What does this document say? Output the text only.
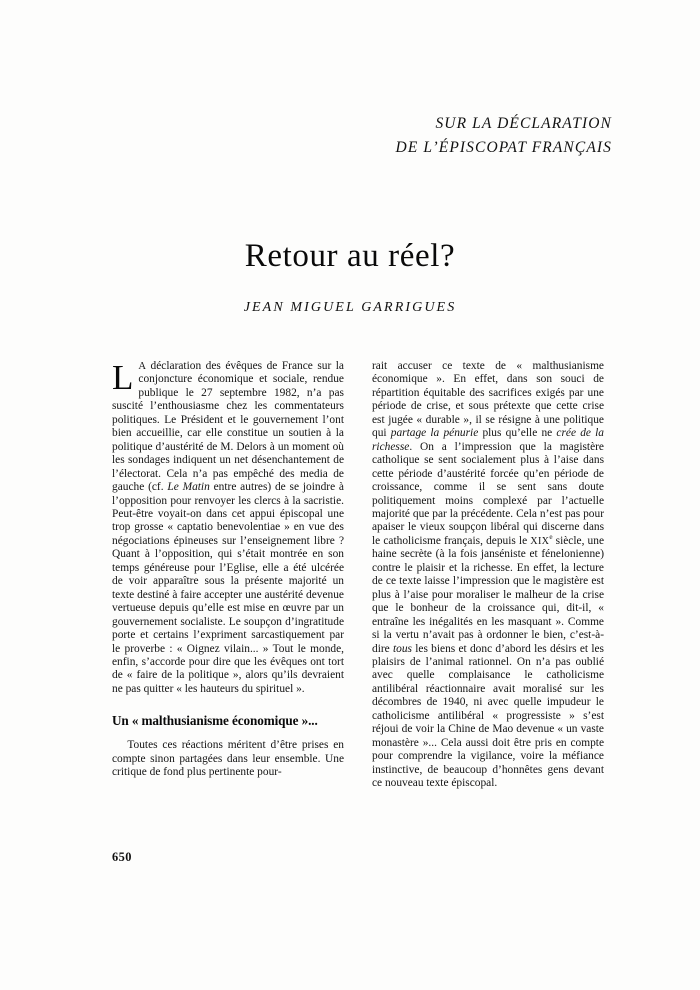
SUR LA DÉCLARATION
DE L’ÉPISCOPAT FRANÇAIS
Retour au réel?
JEAN MIGUEL GARRIGUES

L A déclaration des évêques de France sur la conjoncture économique et sociale, rendue publique le 27 septembre 1982, n’a pas suscité l’enthousiasme chez les commentateurs politiques. Le Président et le gouvernement l’ont bien accueillie, car elle constitue un soutien à la politique d’austérité de M. Delors à un moment où les sondages indiquent un net désenchantement de l’électorat. Cela n’a pas empêché des media de gauche (cf. Le Matin entre autres) de se joindre à l’opposition pour renvoyer les clercs à la sacristie. Peut-être voyait-on dans cet appui épiscopal une trop grosse « captatio benevolentiae » en vue des négociations épineuses sur l’enseignement libre ? Quant à l’opposition, qui s’était montrée en son temps généreuse pour l’Eglise, elle a été ulcérée de voir apparaître sous la présente majorité un texte destiné à faire accepter une austérité devenue vertueuse depuis qu’elle est mise en œuvre par un gouvernement socialiste. Le soupçon d’ingratitude porte et certains l’expriment sarcastiquement par le proverbe : « Oignez vilain... » Tout le monde, enfin, s’accorde pour dire que les évêques ont tort de « faire de la politique », alors qu’ils devraient ne pas quitter « les hauteurs du spirituel ».

Un « malthusianisme économique »...

Toutes ces réactions méritent d’être prises en compte sinon partagées dans leur ensemble. Une critique de fond plus pertinente pour-

rait accuser ce texte de « malthusianisme économique ». En effet, dans son souci de répartition équitable des sacrifices exigés par une période de crise, et sous prétexte que cette crise est jugée « durable », il se résigne à une politique qui partage la pénurie plus qu’elle ne crée de la richesse. On a l’impression que la magistère catholique se sent socialement plus à l’aise dans cette période d’austérité forcée qu’en période de croissance, comme il se sent sans doute politiquement moins complexé par l’actuelle majorité que par la précédente. Cela n’est pas pour apaiser le vieux soupçon libéral qui discerne dans le catholicisme français, depuis le XIXe siècle, une haine secrète (à la fois janséniste et fénelonienne) contre le plaisir et la richesse. En effet, la lecture de ce texte laisse l’impression que le magistère est plus à l’aise pour moraliser le malheur de la crise que le bonheur de la croissance qui, dit-il, « entraîne les inégalités en les masquant ». Comme si la vertu n’avait pas à ordonner le bien, c’est-à-dire tous les biens et donc d’abord les désirs et les plaisirs de l’animal rationnel. On n’a pas oublié avec quelle complaisance le catholicisme antilibéral réactionnaire avait moralisé sur les décombres de 1940, ni avec quelle impudeur le catholicisme antilibéral « progressiste » s’est réjoui de voir la Chine de Mao devenue « un vaste monastère »... Cela aussi doit être pris en compte pour comprendre la vigilance, voire la méfiance instinctive, de beaucoup d’honnêtes gens devant ce nouveau texte épiscopal.

650
